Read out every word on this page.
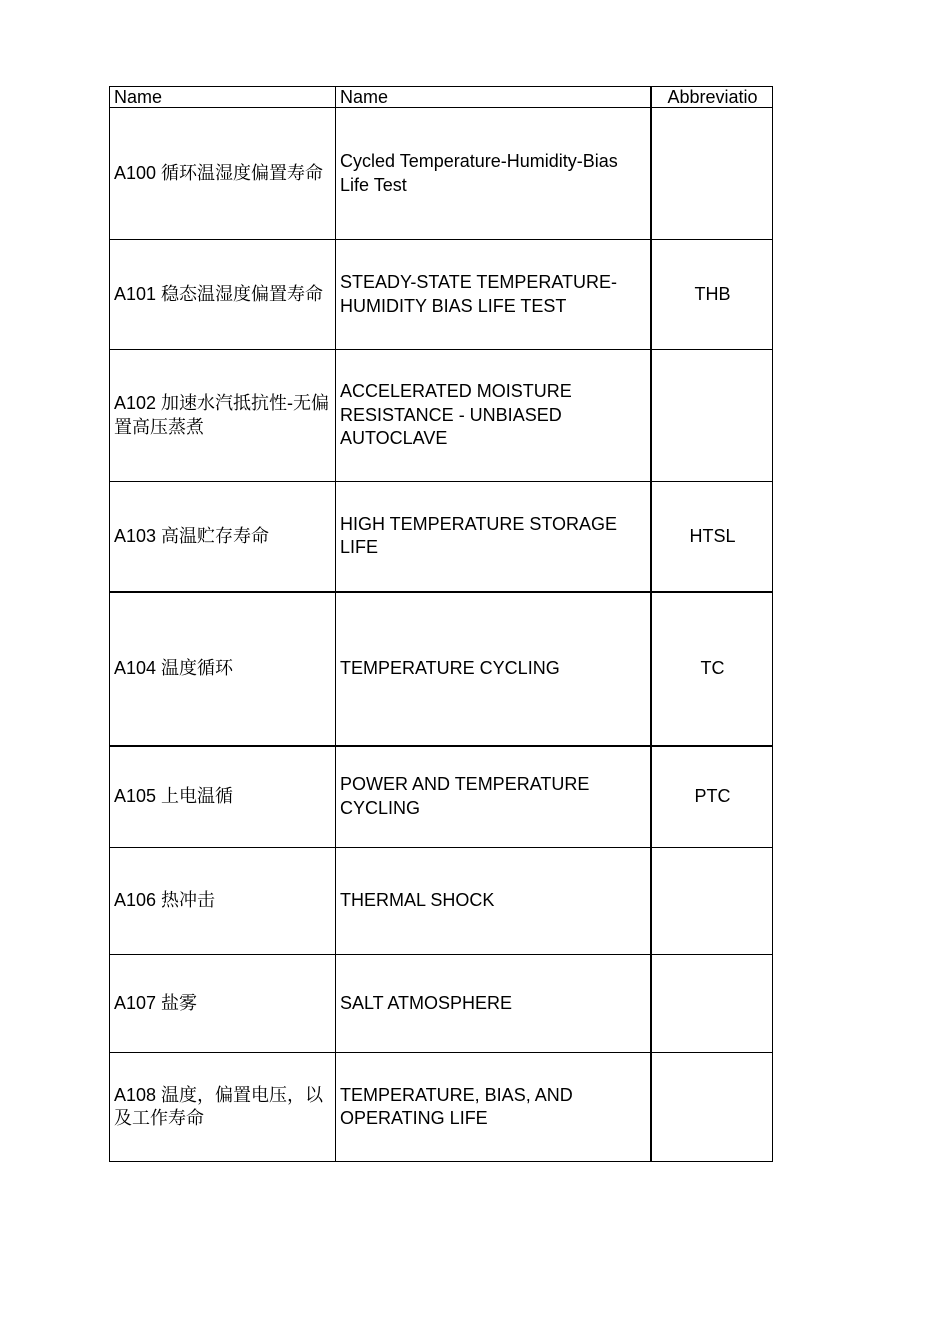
Name	Name	Abbreviatio
A100 循环温湿度偏置寿命	Cycled Temperature-Humidity-Bias Life Test	
A101 稳态温湿度偏置寿命	STEADY-STATE TEMPERATURE-HUMIDITY BIAS LIFE TEST	THB
A102 加速水汽抵抗性-无偏置高压蒸煮	ACCELERATED MOISTURE RESISTANCE - UNBIASED AUTOCLAVE	
A103 高温贮存寿命	HIGH TEMPERATURE STORAGE LIFE	HTSL
A104 温度循环	TEMPERATURE CYCLING	TC
A105 上电温循	POWER AND TEMPERATURE CYCLING	PTC
A106 热冲击	THERMAL SHOCK	
A107 盐雾	SALT ATMOSPHERE	
A108 温度，偏置电压，以及工作寿命	TEMPERATURE, BIAS, AND OPERATING LIFE	
